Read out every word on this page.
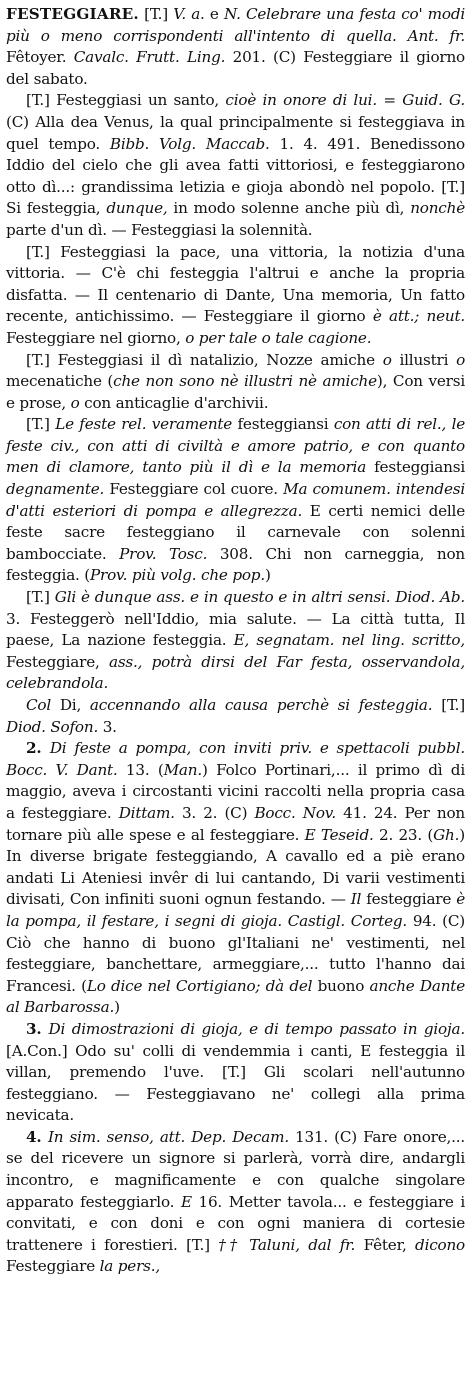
FESTEGGIARE. [T.] V. a. e N. Celebrare una festa co' modi più o meno corrispondenti all'intento di quella. Ant. fr. Fêtoyer. Cavalc. Frutt. Ling. 201. (C) Festeggiare il giorno del sabato.

[T.] Festeggiasi un santo, cioè in onore di lui. = Guid. G. (C) Alla dea Venus, la qual principalmente si festeggiava in quel tempo. Bibb. Volg. Maccab. 1. 4. 491. Benedissono Iddio del cielo che gli avea fatti vittoriosi, e festeggiarono otto dì...: grandissima letizia e gioja abondò nel popolo. [T.] Si festeggia, dunque, in modo solenne anche più dì, nonchè parte d'un dì. — Festeggiasi la solennità.

[T.] Festeggiasi la pace, una vittoria, la notizia d'una vittoria. — C'è chi festeggia l'altrui e anche la propria disfatta. — Il centenario di Dante, Una memoria, Un fatto recente, antichissimo. — Festeggiare il giorno è att.; neut. Festeggiare nel giorno, o per tale o tale cagione.

[T.] Festeggiasi il dì natalizio, Nozze amiche o illustri o mecenatiche (che non sono nè illustri nè amiche), Con versi e prose, o con anticaglie d'archivii.

[T.] Le feste rel. veramente festeggiansi con atti di rel., le feste civ., con atti di civiltà e amore patrio, e con quanto men di clamore, tanto più il dì e la memoria festeggiansi degnamente. Festeggiare col cuore. Ma comunem. intendesi d'atti esteriori di pompa e allegrezza. E certi nemici delle feste sacre festeggiano il carnevale con solenni bambocciate. Prov. Tosc. 308. Chi non carneggia, non festeggia. (Prov. più volg. che pop.)

[T.] Gli è dunque ass. e in questo e in altri sensi. Diod. Ab. 3. Festeggerò nell'Iddio, mia salute. — La città tutta, Il paese, La nazione festeggia. E, segnatam. nel ling. scritto, Festeggiare, ass., potrà dirsi del Far festa, osservandola, celebrandola.

Col Di, accennando alla causa perchè si festeggia. [T.] Diod. Sofon. 3.

2. Di feste a pompa, con inviti priv. e spettacoli pubbl. Bocc. V. Dant. 13. (Man.) Folco Portinari,... il primo dì di maggio, aveva i circostanti vicini raccolti nella propria casa a festeggiare. Dittam. 3. 2. (C) Bocc. Nov. 41. 24. Per non tornare più alle spese e al festeggiare. E Teseid. 2. 23. (Gh.) In diverse brigate festeggiando, A cavallo ed a piè erano andati Li Ateniesi invêr di lui cantando, Di varii vestimenti divisati, Con infiniti suoni ognun festando. — Il festeggiare è la pompa, il festare, i segni di gioja. Castigl. Corteg. 94. (C) Ciò che hanno di buono gl'Italiani ne' vestimenti, nel festeggiare, banchettare, armeggiare,... tutto l'hanno dai Francesi. (Lo dice nel Cortigiano; dà del buono anche Dante al Barbarossa.)

3. Di dimostrazioni di gioja, e di tempo passato in gioja. [A.Con.] Odo su' colli di vendemmia i canti, E festeggia il villan, premendo l'uve. [T.] Gli scolari nell'autunno festeggiano. — Festeggiavano ne' collegi alla prima nevicata.

4. In sim. senso, att. Dep. Decam. 131. (C) Fare onore,... se del ricevere un signore si parlerà, vorrà dire, andargli incontro, e magnificamente e con qualche singolare apparato festeggiarlo. E 16. Metter tavola... e festeggiare i convitati, e con doni e con ogni maniera di cortesie trattenere i forestieri. [T.] †† Taluni, dal fr. Fêter, dicono Festeggiare la pers.,
